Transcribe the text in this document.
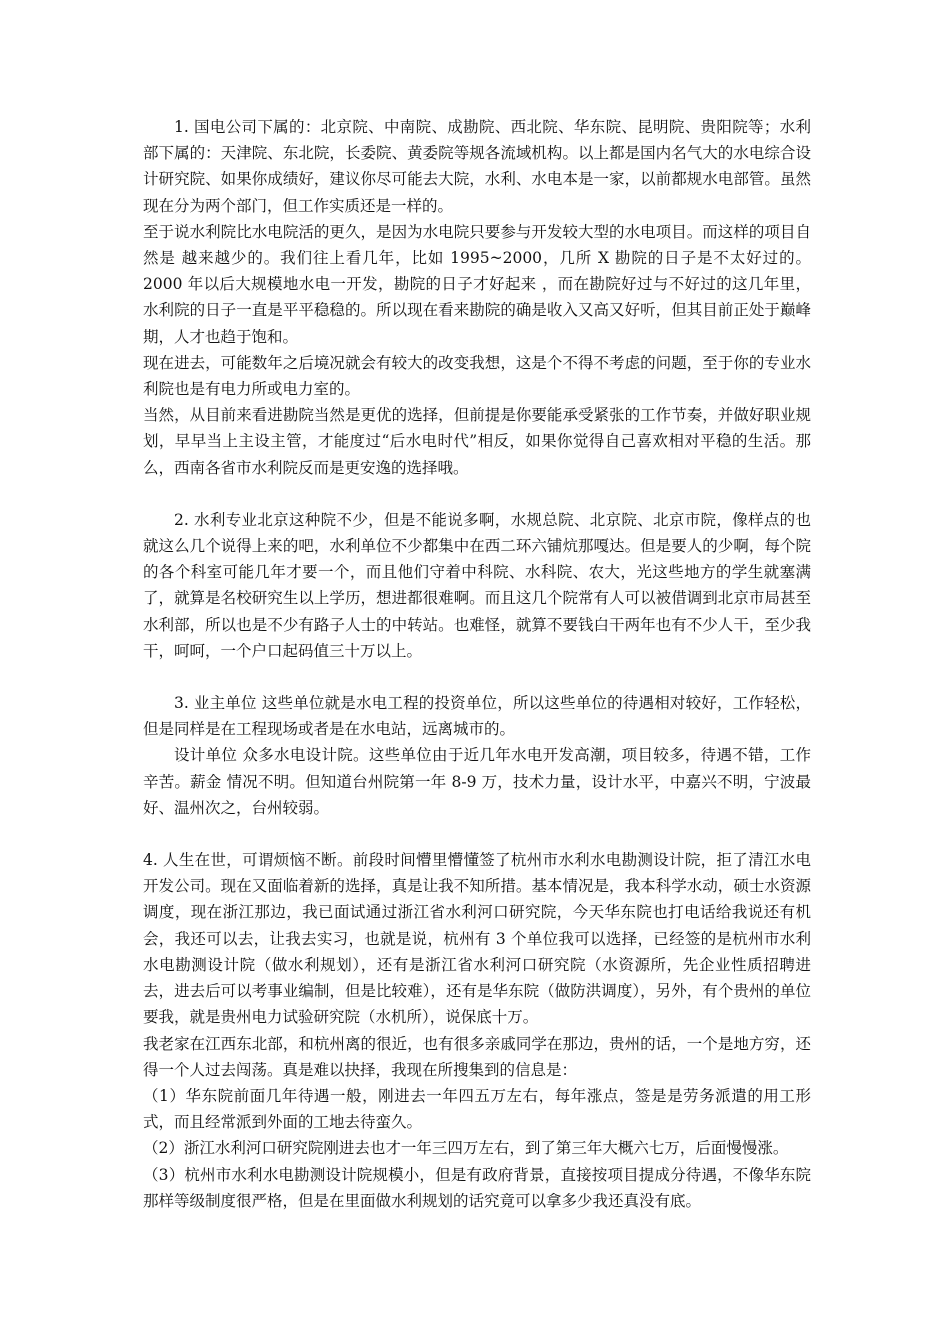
1. 国电公司下属的：北京院、中南院、成勘院、西北院、华东院、昆明院、贵阳院等；水利部下属的：天津院、东北院，长委院、黄委院等规各流域机构。以上都是国内名气大的水电综合设计研究院、如果你成绩好，建议你尽可能去大院，水利、水电本是一家，以前都规水电部管。虽然现在分为两个部门，但工作实质还是一样的。

至于说水利院比水电院活的更久，是因为水电院只要参与开发较大型的水电项目。而这样的项目自然是 越来越少的。我们往上看几年，比如 1995~2000，几所 X 勘院的日子是不太好过的。2000 年以后大规模地水电一开发，勘院的日子才好起来 ，而在勘院好过与不好过的这几年里，水利院的日子一直是平平稳稳的。所以现在看来勘院的确是收入又高又好听，但其目前正处于巅峰期，人才也趋于饱和。

现在进去，可能数年之后境况就会有较大的改变我想，这是个不得不考虑的问题，至于你的专业水利院也是有电力所或电力室的。

当然，从目前来看进勘院当然是更优的选择，但前提是你要能承受紧张的工作节奏，并做好职业规划，早早当上主设主管，才能度过“后水电时代”相反，如果你觉得自己喜欢相对平稳的生活。那么，西南各省市水利院反而是更安逸的选择哦。

2. 水利专业北京这种院不少，但是不能说多啊，水规总院、北京院、北京市院，像样点的也就这么几个说得上来的吧，水利单位不少都集中在西二环六铺炕那嘎达。但是要人的少啊，每个院的各个科室可能几年才要一个，而且他们守着中科院、水科院、农大，光这些地方的学生就塞满了，就算是名校研究生以上学历，想进都很难啊。而且这几个院常有人可以被借调到北京市局甚至水利部，所以也是不少有路子人士的中转站。也难怪，就算不要钱白干两年也有不少人干，至少我干，呵呵，一个户口起码值三十万以上。

3. 业主单位 这些单位就是水电工程的投资单位，所以这些单位的待遇相对较好，工作轻松，但是同样是在工程现场或者是在水电站，远离城市的。

设计单位 众多水电设计院。这些单位由于近几年水电开发高潮，项目较多，待遇不错，工作辛苦。薪金 情况不明。但知道台州院第一年 8-9 万，技术力量，设计水平，中嘉兴不明，宁波最好、温州次之，台州较弱。

4. 人生在世，可谓烦恼不断。前段时间懵里懵懂签了杭州市水利水电勘测设计院，拒了清江水电开发公司。现在又面临着新的选择，真是让我不知所措。基本情况是，我本科学水动，硕士水资源调度，现在浙江那边，我已面试通过浙江省水利河口研究院，今天华东院也打电话给我说还有机会，我还可以去，让我去实习，也就是说，杭州有 3 个单位我可以选择，已经签的是杭州市水利水电勘测设计院（做水利规划），还有是浙江省水利河口研究院（水资源所，先企业性质招聘进去，进去后可以考事业编制，但是比较难），还有是华东院（做防洪调度），另外，有个贵州的单位要我，就是贵州电力试验研究院（水机所），说保底十万。

我老家在江西东北部，和杭州离的很近，也有很多亲戚同学在那边，贵州的话，一个是地方穷，还得一个人过去闯荡。真是难以抉择，我现在所搜集到的信息是：

（1）华东院前面几年待遇一般，刚进去一年四五万左右，每年涨点，签是是劳务派遣的用工形式，而且经常派到外面的工地去待蛮久。

（2）浙江水利河口研究院刚进去也才一年三四万左右，到了第三年大概六七万，后面慢慢涨。

（3）杭州市水利水电勘测设计院规模小，但是有政府背景，直接按项目提成分待遇，不像华东院那样等级制度很严格，但是在里面做水利规划的话究竟可以拿多少我还真没有底。
